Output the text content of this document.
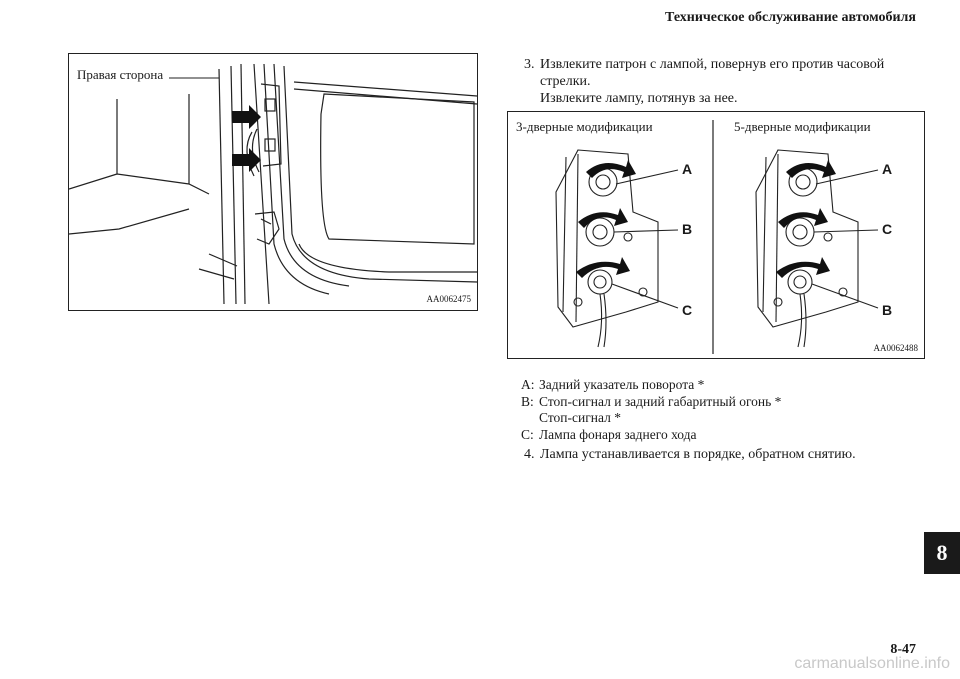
Техническое обслуживание автомобиля
Правая сторона
AA0062475
3. Извлеките патрон с лампой, повернув его против часовой
стрелки.
Извлеките лампу, потянув за нее.
3-дверные модификации	5-дверные модификации
A
B
C
A
C
B
AA0062488
A: Задний указатель поворота *
B: Стоп-сигнал и задний габаритный огонь *
Стоп-сигнал *
C: Лампа фонаря заднего хода
4. Лампа устанавливается в порядке, обратном снятию.
8
8-47
carmanualsonline.info
